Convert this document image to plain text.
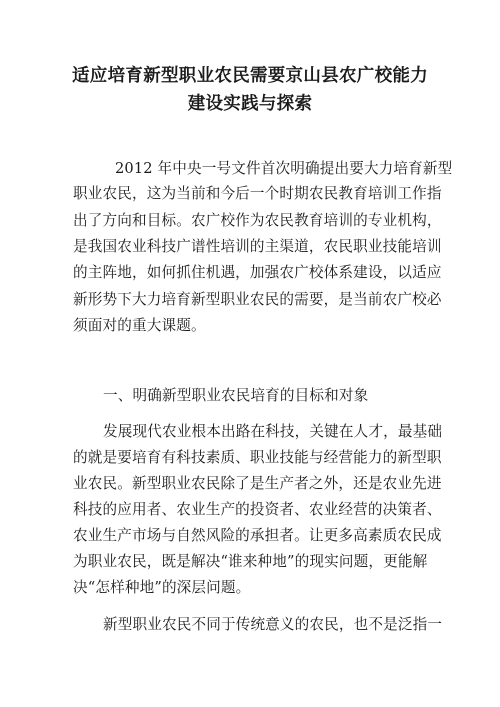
适应培育新型职业农民需要京山县农广校能力
建设实践与探索
2012 年中央一号文件首次明确提出要大力培育新型
职业农民，这为当前和今后一个时期农民教育培训工作指
出了方向和目标。农广校作为农民教育培训的专业机构，
是我国农业科技广谱性培训的主渠道，农民职业技能培训
的主阵地，如何抓住机遇，加强农广校体系建设，以适应
新形势下大力培育新型职业农民的需要，是当前农广校必
须面对的重大课题。
一、明确新型职业农民培育的目标和对象
发展现代农业根本出路在科技，关键在人才，最基础
的就是要培育有科技素质、职业技能与经营能力的新型职
业农民。新型职业农民除了是生产者之外，还是农业先进
科技的应用者、农业生产的投资者、农业经营的决策者、
农业生产市场与自然风险的承担者。让更多高素质农民成
为职业农民，既是解决“谁来种地”的现实问题，更能解
决“怎样种地”的深层问题。
新型职业农民不同于传统意义的农民，也不是泛指一
